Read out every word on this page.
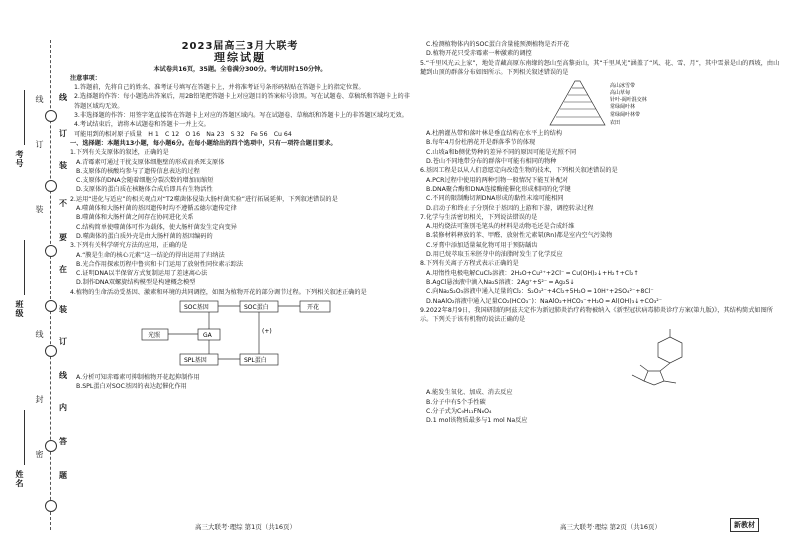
姓名
班级
考号
线
订
装
线
封
密
线
订
装
不
要
在
装
订
线
内
答
题
2023届高三3月大联考
理综试题

本试卷共16页，35题。全卷满分300分。考试用时150分钟。

注意事项：

1.答题前，先将自己的姓名、准考证号填写在答题卡上，并将准考证号条形码粘贴在答题卡上的指定位置。

2.选择题的作答：每小题选出答案后，用2B铅笔把答题卡上对应题目的答案标号涂黑。写在试题卷、草稿纸和答题卡上的非答题区域均无效。

3.非选择题的作答：用签字笔直接答在答题卡上对应的答题区域内。写在试题卷、草稿纸和答题卡上的非答题区域均无效。

4.考试结束后，请将本试题卷和答题卡一并上交。

可能用到的相对原子质量　H 1　C 12　O 16　Na 23　S 32　Fe 56　Cu 64

一、选择题：本题共13小题，每小题6分。在每小题给出的四个选项中，只有一项符合题目要求。

1.下列有关支原体的叙述，正确的是

A.青霉素可通过干扰支原体细胞壁的形成而杀死支原体

B.支原体的核酸均参与了遗传信息表达的过程

C.支原体的DNA会随着细胞分裂次数的增加而缩短

D.支原体的蛋白质在核糖体合成后即具有生物活性

2.运用“进化与适应”的相关观点对“T2噬菌体侵染大肠杆菌实验”进行拓展延伸，下列叙述错误的是

A.噬菌体和大肠杆菌的基因遗传时均不遵循孟德尔遗传定律

B.噬菌体和大肠杆菌之间存在协同进化关系

C.结构简单使噬菌体可作为载体，使大肠杆菌发生定向变异

D.噬菌体的蛋白质外壳是由大肠杆菌的基因编码的

3.下列有关科学研究方法的应用，正确的是

A.“膜是生命的核心元素”这一结论的得出运用了归纳法

B.光合作用探索历程中鲁宾和卡门运用了放射性同位素示踪法

C.证明DNA以半保留方式复制运用了差速离心法

D.制作DNA双螺旋结构模型是构建概念模型

4.植物的生命活动受基因、激素和环境的共同调控，如图为植物开花的部分调节过程。下列相关叙述正确的是

SOC基因	SOC蛋白	开花
光照	GA
SPL基因	SPL蛋白
(+)

A.分析可知赤霉素可抑制植物开花起抑制作用

B.SPL蛋白对SOC基因的表达起催化作用

高三大联考·理综 第1页（共16页）

C.检测植物体内的SOC蛋白含量能预测植物是否开花

D.植物开花只受赤霉素一种激素的调控

5.“千里风光云上家”，地处青藏高原东南缘的怒山至高黎贡山，其“千里风光”涵盖了“风、花、雪、月”，其中雪景是山的西坡，由山麓到山顶的群落分布如图所示。下列相关叙述错误的是

高山冰雪带
高山草甸
针叶-阔叶混交林
常绿阔叶林
常绿阔叶林带
农田

A.杜鹃灌丛带和落叶林是垂直结构在水平上的结构

B.每年4月份杜鹃花开是群落季节的体现

C.山坡a和b侧优势种的差异不同的原因可能是光照不同

D.苍山不同地带分布的群落中可能有相同的物种

6.基因工程是以从人们意愿定向改造生物的技术，下列相关叙述错误的是

A.PCR过程中使用的两种引物一般情况下能互补配对

B.DNA聚合酶和DNA连接酶能催化形成相同的化学键

C.不同的限制酶切割DNA形成的黏性末端可能相同

D.启动子和终止子分别位于基因的上游和下游，调控转录过程

7.化学与生活密切相关，下列说法错误的是

A.用灼烧法可鉴别毛笔头的材料是动物毛还是合成纤维

B.装修材料释放的苯、甲醛、放射性元素氡(Rn)都是室内空气污染物

C.牙膏中添加适量氟化物可用于预防龋齿

D.用已烷萃取玉米胚芽中的油脂时发生了化学反应

8.下列有关离子方程式表示正确的是

A.用惰性电极电解CuCl₂溶液：2H₂O+Cu²⁺+2Cl⁻ ═ Cu(OH)₂↓+H₂↑+Cl₂↑

B.AgCl悬浊液中滴入Na₂S溶液：2Ag⁺+S²⁻ ═ Ag₂S↓

C.向Na₂S₂O₃溶液中通入足量的Cl₂：S₂O₃²⁻+4Cl₂+5H₂O ═ 10H⁺+2SO₄²⁻+8Cl⁻

D.NaAlO₂溶液中通入足量CO₂(HCO₃⁻)：NaAlO₂+HCO₃⁻+H₂O ═ Al(OH)₃↓+CO₃²⁻

9.2022年8月9日，我国研制的阿兹夫定作为新冠肺炎治疗药物被纳入《新型冠状病毒肺炎诊疗方案(第九版)》，其结构简式如图所示。下列关于该有机物的说法正确的是

A.能发生氧化、加成、消去反应

B.分子中有5个手性碳

C.分子式为C₉H₁₁FN₆O₄

D.1 mol该物质最多与1 mol Na反应

高三大联考·理综 第2页（共16页）	新教材
